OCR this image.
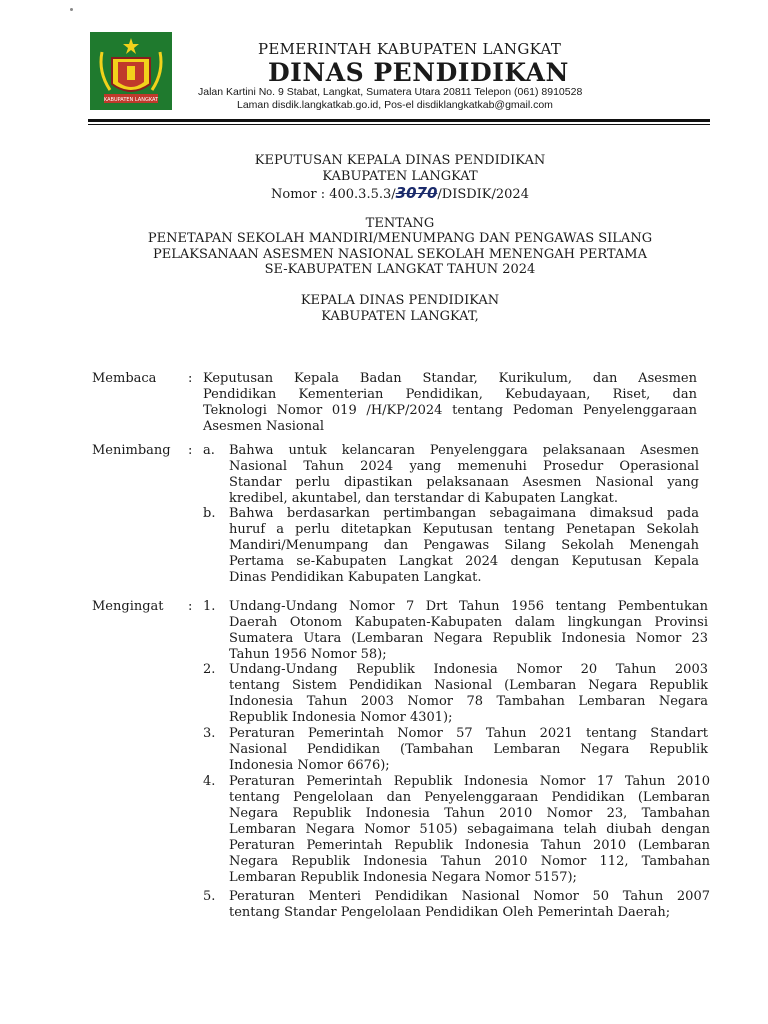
KABUPATEN LANGKAT
PEMERINTAH KABUPATEN LANGKAT
DINAS PENDIDIKAN
Jalan Kartini No. 9 Stabat, Langkat, Sumatera Utara 20811 Telepon (061) 8910528
Laman disdik.langkatkab.go.id, Pos-el disdiklangkatkab@gmail.com
KEPUTUSAN KEPALA DINAS PENDIDIKAN
KABUPATEN LANGKAT
Nomor : 400.3.5.3/3070/DISDIK/2024
TENTANG
PENETAPAN SEKOLAH MANDIRI/MENUMPANG DAN PENGAWAS SILANG
PELAKSANAAN ASESMEN NASIONAL SEKOLAH MENENGAH PERTAMA
SE-KABUPATEN LANGKAT TAHUN 2024
KEPALA DINAS PENDIDIKAN
KABUPATEN LANGKAT,
Membaca : Keputusan Kepala Badan Standar, Kurikulum, dan Asesmen
Pendidikan Kementerian Pendidikan, Kebudayaan, Riset, dan
Teknologi Nomor 019 /H/KP/2024 tentang Pedoman Penyelenggaraan
Asesmen Nasional
Menimbang : a. Bahwa untuk kelancaran Penyelenggara pelaksanaan Asesmen
Nasional Tahun 2024 yang memenuhi Prosedur Operasional
Standar perlu dipastikan pelaksanaan Asesmen Nasional yang
kredibel, akuntabel, dan terstandar di Kabupaten Langkat.
b. Bahwa berdasarkan pertimbangan sebagaimana dimaksud pada
huruf a perlu ditetapkan Keputusan tentang Penetapan Sekolah
Mandiri/Menumpang dan Pengawas Silang Sekolah Menengah
Pertama se-Kabupaten Langkat 2024 dengan Keputusan Kepala
Dinas Pendidikan Kabupaten Langkat.
Mengingat : 1. Undang-Undang Nomor 7 Drt Tahun 1956 tentang Pembentukan
Daerah Otonom Kabupaten-Kabupaten dalam lingkungan Provinsi
Sumatera Utara (Lembaran Negara Republik Indonesia Nomor 23
Tahun 1956 Nomor 58);
2. Undang-Undang Republik Indonesia Nomor 20 Tahun 2003
tentang Sistem Pendidikan Nasional (Lembaran Negara Republik
Indonesia Tahun 2003 Nomor 78 Tambahan Lembaran Negara
Republik Indonesia Nomor 4301);
3. Peraturan Pemerintah Nomor 57 Tahun 2021 tentang Standart
Nasional Pendidikan (Tambahan Lembaran Negara Republik
Indonesia Nomor 6676);
4. Peraturan Pemerintah Republik Indonesia Nomor 17 Tahun 2010
tentang Pengelolaan dan Penyelenggaraan Pendidikan (Lembaran
Negara Republik Indonesia Tahun 2010 Nomor 23, Tambahan
Lembaran Negara Nomor 5105) sebagaimana telah diubah dengan
Peraturan Pemerintah Republik Indonesia Tahun 2010 (Lembaran
Negara Republik Indonesia Tahun 2010 Nomor 112, Tambahan
Lembaran Republik Indonesia Negara Nomor 5157);
5. Peraturan Menteri Pendidikan Nasional Nomor 50 Tahun 2007
tentang Standar Pengelolaan Pendidikan Oleh Pemerintah Daerah;
